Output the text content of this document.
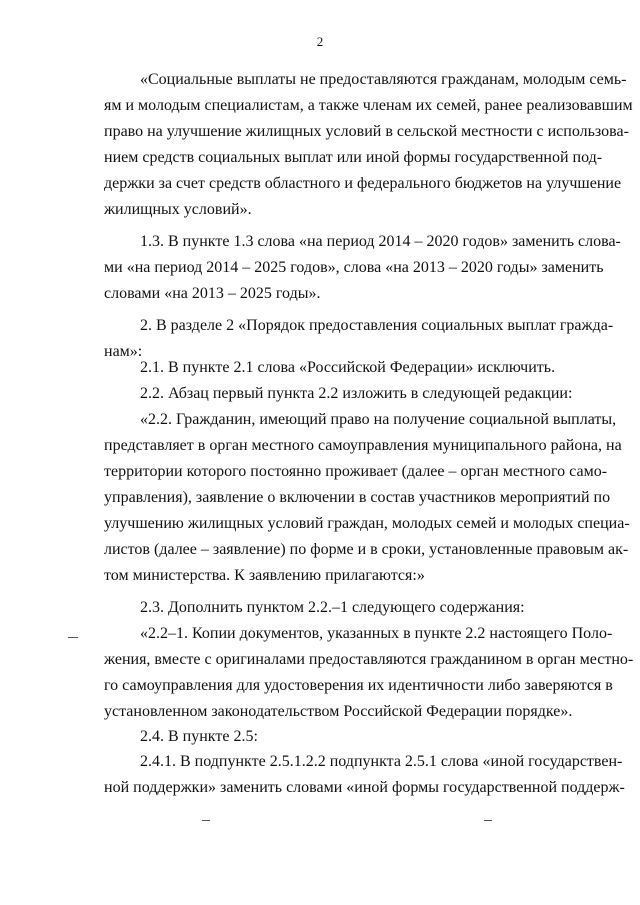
2
«Социальные выплаты не предоставляются гражданам, молодым семь-
ям и молодым специалистам, а также членам их семей, ранее реализовавшим
право на улучшение жилищных условий в сельской местности с использова-
нием средств социальных выплат или иной формы государственной под-
держки за счет средств областного и федерального бюджетов на улучшение
жилищных условий».
1.3. В пункте 1.3 слова «на период 2014 – 2020 годов» заменить слова-
ми «на период 2014 – 2025 годов», слова «на 2013 – 2020 годы» заменить
словами «на 2013 – 2025 годы».
2. В разделе 2 «Порядок предоставления социальных выплат гражда-
нам»:
2.1. В пункте 2.1 слова «Российской Федерации» исключить.
2.2. Абзац первый пункта 2.2 изложить в следующей редакции:
«2.2. Гражданин, имеющий право на получение социальной выплаты,
представляет в орган местного самоуправления муниципального района, на
территории которого постоянно проживает (далее – орган местного само-
управления), заявление о включении в состав участников мероприятий по
улучшению жилищных условий граждан, молодых семей и молодых специа-
листов (далее – заявление) по форме и в сроки, установленные правовым ак-
том министерства. К заявлению прилагаются:»
2.3. Дополнить пунктом 2.2.–1 следующего содержания:
«2.2–1. Копии документов, указанных в пункте 2.2 настоящего Поло-
жения, вместе с оригиналами предоставляются гражданином в орган местно-
го самоуправления для удостоверения их идентичности либо заверяются в
установленном законодательством Российской Федерации порядке».
2.4. В пункте 2.5:
2.4.1. В подпункте 2.5.1.2.2 подпункта 2.5.1 слова «иной государствен-
ной поддержки» заменить словами «иной формы государственной поддерж-
